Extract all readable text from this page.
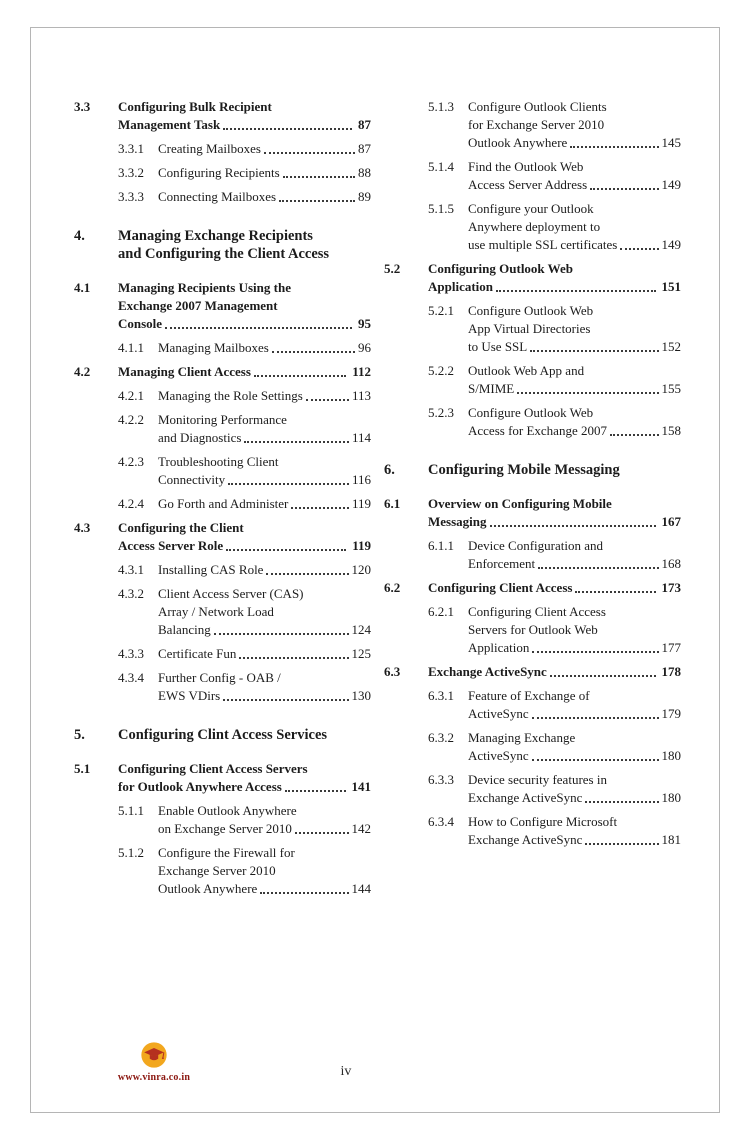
3.3	Configuring Bulk Recipient
Management Task	87
3.3.1	Creating Mailboxes	87
3.3.2	Configuring Recipients	88
3.3.3	Connecting Mailboxes	89
4.	Managing Exchange Recipients
and Configuring the Client Access
4.1	Managing Recipients Using the
Exchange 2007 Management
Console	95
4.1.1	Managing Mailboxes	96
4.2	Managing Client Access	112
4.2.1	Managing the Role Settings	113
4.2.2	Monitoring Performance
and Diagnostics	114
4.2.3	Troubleshooting Client
Connectivity	116
4.2.4	Go Forth and Administer	119
4.3	Configuring the Client
Access Server Role	119
4.3.1	Installing CAS Role	120
4.3.2	Client Access Server (CAS)
Array / Network Load
Balancing	124
4.3.3	Certificate Fun	125
4.3.4	Further Config - OAB /
EWS VDirs	130
5.	Configuring Clint Access Services
5.1	Configuring Client Access Servers
for Outlook Anywhere Access	141
5.1.1	Enable Outlook Anywhere
on Exchange Server 2010	142
5.1.2	Configure the Firewall for
Exchange Server 2010
Outlook Anywhere	144
5.1.3	Configure Outlook Clients
for Exchange Server 2010
Outlook Anywhere	145
5.1.4	Find the Outlook Web
Access Server Address	149
5.1.5	Configure your Outlook
Anywhere deployment to
use multiple SSL certificates	149
5.2	Configuring Outlook Web
Application	151
5.2.1	Configure Outlook Web
App Virtual Directories
to Use SSL	152
5.2.2	Outlook Web App and
S/MIME	155
5.2.3	Configure Outlook Web
Access for Exchange 2007	158
6.	Configuring Mobile Messaging
6.1	Overview on Configuring Mobile
Messaging	167
6.1.1	Device Configuration and
Enforcement	168
6.2	Configuring Client Access	173
6.2.1	Configuring Client Access
Servers for Outlook Web
Application	177
6.3	Exchange ActiveSync	178
6.3.1	Feature of Exchange of
ActiveSync	179
6.3.2	Managing Exchange
ActiveSync	180
6.3.3	Device security features in
Exchange ActiveSync	180
6.3.4	How to Configure Microsoft
Exchange ActiveSync	181
www.vinra.co.in	iv
